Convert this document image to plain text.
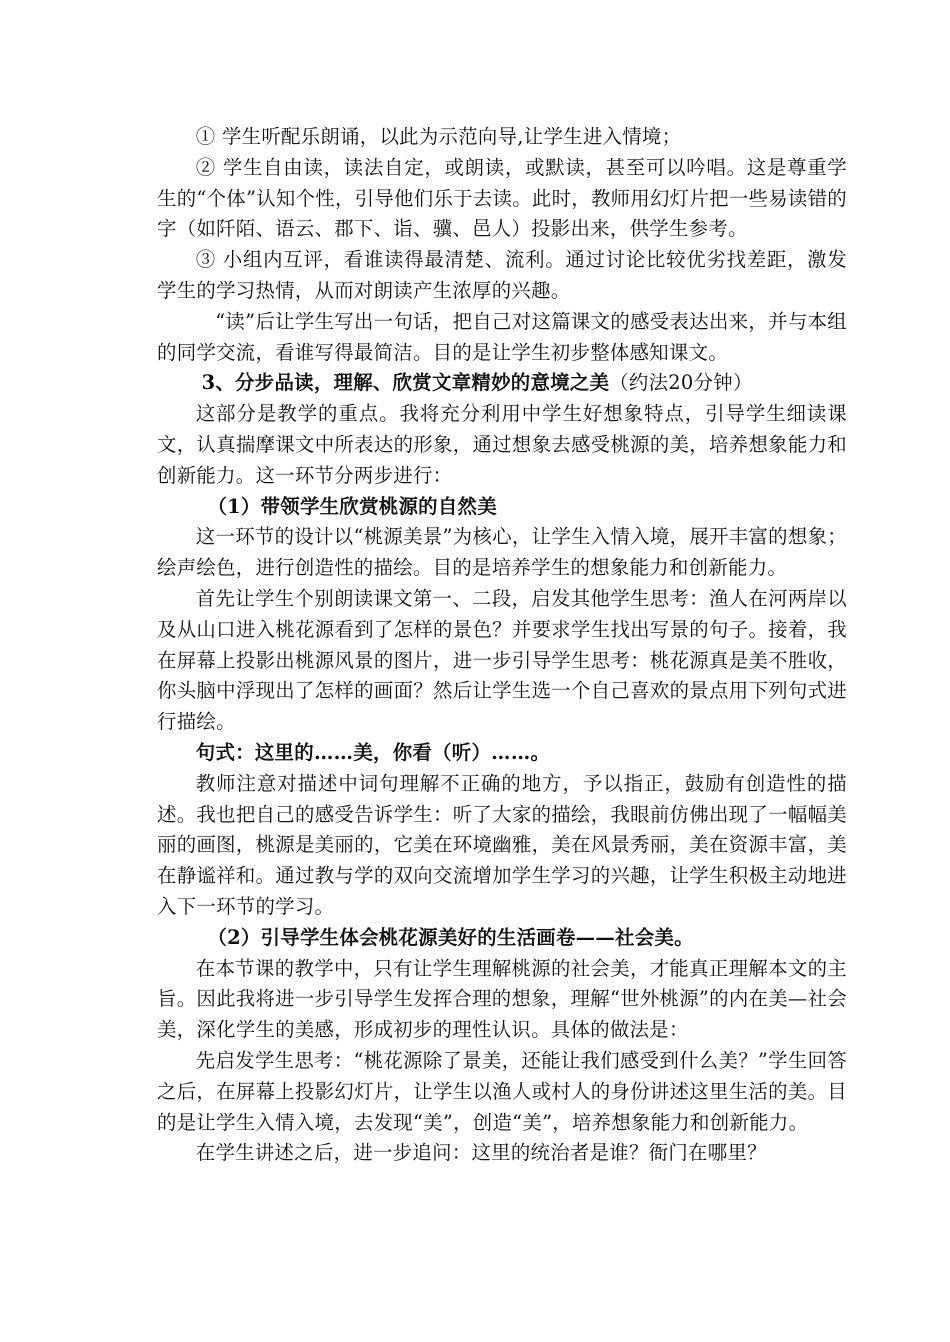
① 学生听配乐朗诵，以此为示范向导,让学生进入情境；

② 学生自由读，读法自定，或朗读，或默读，甚至可以吟唱。这是尊重学生的“个体”认知个性，引导他们乐于去读。此时，教师用幻灯片把一些易读错的字（如阡陌、语云、郡下、诣、骥、邑人）投影出来，供学生参考。

③ 小组内互评，看谁读得最清楚、流利。通过讨论比较优劣找差距，激发学生的学习热情，从而对朗读产生浓厚的兴趣。

“读”后让学生写出一句话，把自己对这篇课文的感受表达出来，并与本组的同学交流，看谁写得最简洁。目的是让学生初步整体感知课文。

3、分步品读，理解、欣赏文章精妙的意境之美（约法20分钟）

这部分是教学的重点。我将充分利用中学生好想象特点，引导学生细读课文，认真揣摩课文中所表达的形象，通过想象去感受桃源的美，培养想象能力和创新能力。这一环节分两步进行：

（1）带领学生欣赏桃源的自然美

这一环节的设计以“桃源美景”为核心，让学生入情入境，展开丰富的想象；绘声绘色，进行创造性的描绘。目的是培养学生的想象能力和创新能力。

首先让学生个别朗读课文第一、二段，启发其他学生思考：渔人在河两岸以及从山口进入桃花源看到了怎样的景色？并要求学生找出写景的句子。接着，我在屏幕上投影出桃源风景的图片，进一步引导学生思考：桃花源真是美不胜收，你头脑中浮现出了怎样的画面？然后让学生选一个自己喜欢的景点用下列句式进行描绘。

句式：这里的……美，你看（听）……。

教师注意对描述中词句理解不正确的地方，予以指正，鼓励有创造性的描述。我也把自己的感受告诉学生：听了大家的描绘，我眼前仿佛出现了一幅幅美丽的画图，桃源是美丽的，它美在环境幽雅，美在风景秀丽，美在资源丰富，美在静谧祥和。通过教与学的双向交流增加学生学习的兴趣，让学生积极主动地进入下一环节的学习。

（2）引导学生体会桃花源美好的生活画卷——社会美。

在本节课的教学中，只有让学生理解桃源的社会美，才能真正理解本文的主旨。因此我将进一步引导学生发挥合理的想象，理解“世外桃源”的内在美—社会美，深化学生的美感，形成初步的理性认识。具体的做法是：

先启发学生思考：“桃花源除了景美，还能让我们感受到什么美？”学生回答之后，在屏幕上投影幻灯片，让学生以渔人或村人的身份讲述这里生活的美。目的是让学生入情入境，去发现“美”，创造“美”，培养想象能力和创新能力。

在学生讲述之后，进一步追问：这里的统治者是谁？衙门在哪里？
